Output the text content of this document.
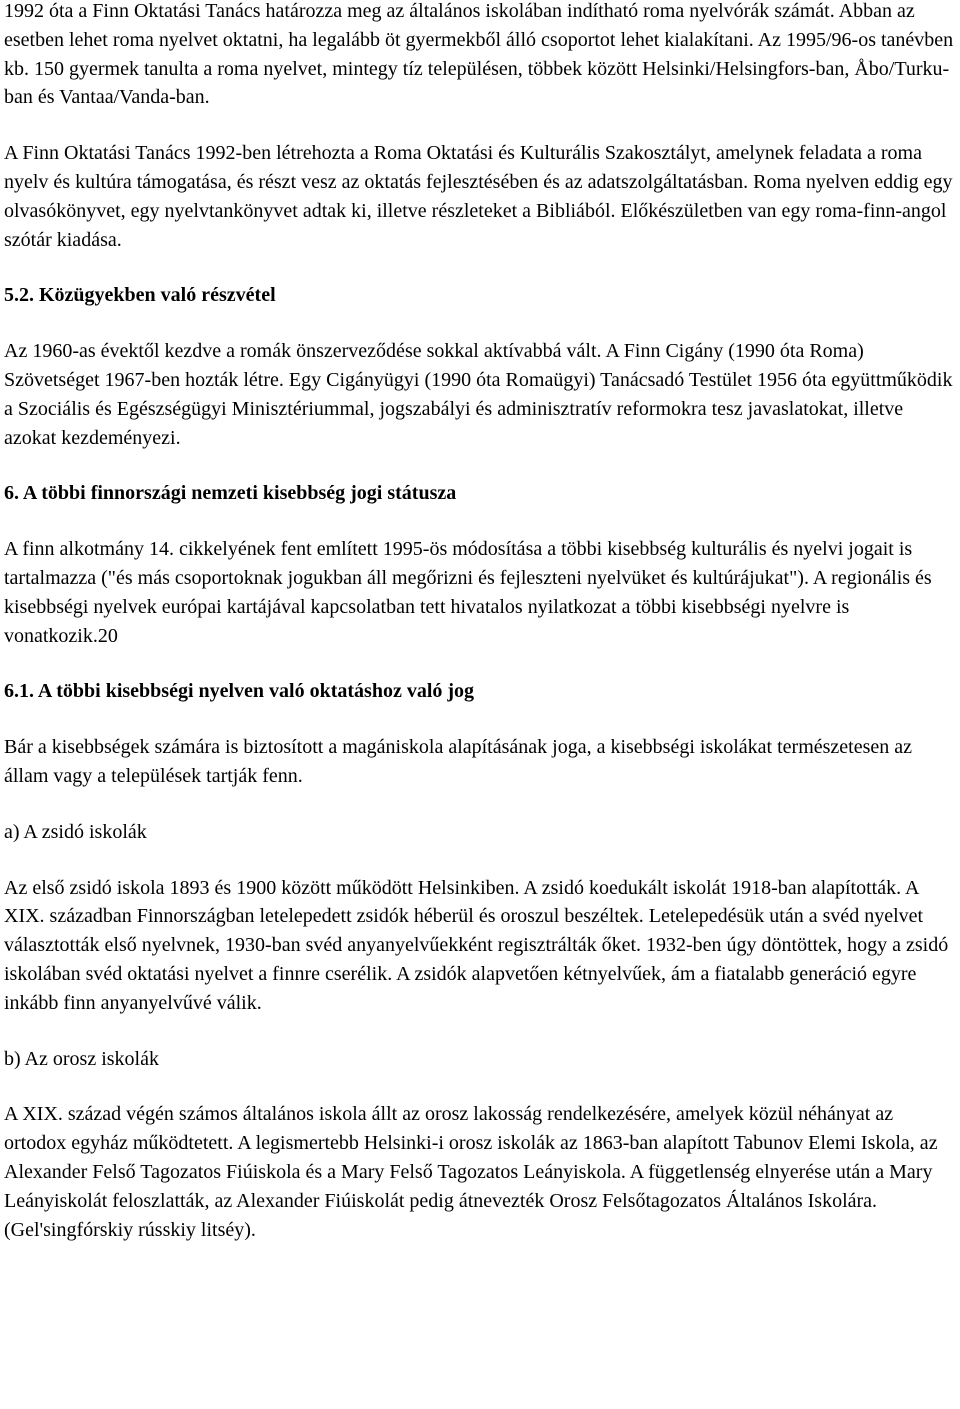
1992 óta a Finn Oktatási Tanács határozza meg az általános iskolában indítható roma nyelvórák számát. Abban az esetben lehet roma nyelvet oktatni, ha legalább öt gyermekből álló csoportot lehet kialakítani. Az 1995/96-os tanévben kb. 150 gyermek tanulta a roma nyelvet, mintegy tíz településen, többek között Helsinki/Helsingfors-ban, Åbo/Turku-ban és Vantaa/Vanda-ban.

A Finn Oktatási Tanács 1992-ben létrehozta a Roma Oktatási és Kulturális Szakosztályt, amelynek feladata a roma nyelv és kultúra támogatása, és részt vesz az oktatás fejlesztésében és az adatszolgáltatásban. Roma nyelven eddig egy olvasókönyvet, egy nyelvtankönyvet adtak ki, illetve részleteket a Bibliából. Előkészületben van egy roma-finn-angol szótár kiadása.

5.2. Közügyekben való részvétel

Az 1960-as évektől kezdve a romák önszerveződése sokkal aktívabbá vált. A Finn Cigány (1990 óta Roma) Szövetséget 1967-ben hozták létre. Egy Cigányügyi (1990 óta Romaügyi) Tanácsadó Testület 1956 óta együttműködik a Szociális és Egészségügyi Minisztériummal, jogszabályi és adminisztratív reformokra tesz javaslatokat, illetve azokat kezdeményezi.

6. A többi finnországi nemzeti kisebbség jogi státusza

A finn alkotmány 14. cikkelyének fent említett 1995-ös módosítása a többi kisebbség kulturális és nyelvi jogait is tartalmazza ("és más csoportoknak jogukban áll megőrizni és fejleszteni nyelvüket és kultúrájukat"). A regionális és kisebbségi nyelvek európai kartájával kapcsolatban tett hivatalos nyilatkozat a többi kisebbségi nyelvre is vonatkozik.20

6.1. A többi kisebbségi nyelven való oktatáshoz való jog

Bár a kisebbségek számára is biztosított a magániskola alapításának joga, a kisebbségi iskolákat természetesen az állam vagy a települések tartják fenn.

a) A zsidó iskolák

Az első zsidó iskola 1893 és 1900 között működött Helsinkiben. A zsidó koedukált iskolát 1918-ban alapították. A XIX. században Finnországban letelepedett zsidók héberül és oroszul beszéltek. Letelepedésük után a svéd nyelvet választották első nyelvnek, 1930-ban svéd anyanyelvűekként regisztrálták őket. 1932-ben úgy döntöttek, hogy a zsidó iskolában svéd oktatási nyelvet a finnre cserélik. A zsidók alapvetően kétnyelvűek, ám a fiatalabb generáció egyre inkább finn anyanyelvűvé válik.

b) Az orosz iskolák

A XIX. század végén számos általános iskola állt az orosz lakosság rendelkezésére, amelyek közül néhányat az ortodox egyház működtetett. A legismertebb Helsinki-i orosz iskolák az 1863-ban alapított Tabunov Elemi Iskola, az Alexander Felső Tagozatos Fiúiskola és a Mary Felső Tagozatos Leányiskola. A függetlenség elnyerése után a Mary Leányiskolát feloszlatták, az Alexander Fiúiskolát pedig átnevezték Orosz Felsőtagozatos Általános Iskolára. (Gel'singfórskiy rússkiy litséy).
